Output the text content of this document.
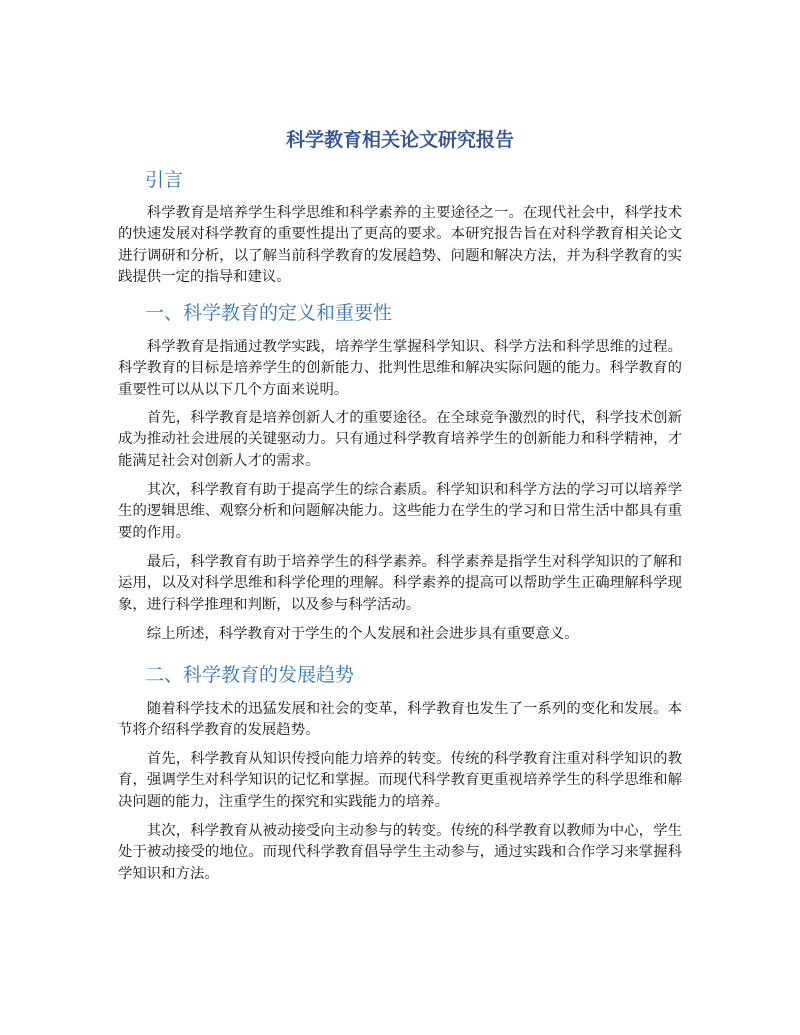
科学教育相关论文研究报告
引言

科学教育是培养学生科学思维和科学素养的主要途径之一。在现代社会中，科学技术的快速发展对科学教育的重要性提出了更高的要求。本研究报告旨在对科学教育相关论文进行调研和分析，以了解当前科学教育的发展趋势、问题和解决方法，并为科学教育的实践提供一定的指导和建议。

一、科学教育的定义和重要性

科学教育是指通过教学实践，培养学生掌握科学知识、科学方法和科学思维的过程。科学教育的目标是培养学生的创新能力、批判性思维和解决实际问题的能力。科学教育的重要性可以从以下几个方面来说明。

首先，科学教育是培养创新人才的重要途径。在全球竞争激烈的时代，科学技术创新成为推动社会进展的关键驱动力。只有通过科学教育培养学生的创新能力和科学精神，才能满足社会对创新人才的需求。

其次，科学教育有助于提高学生的综合素质。科学知识和科学方法的学习可以培养学生的逻辑思维、观察分析和问题解决能力。这些能力在学生的学习和日常生活中都具有重要的作用。

最后，科学教育有助于培养学生的科学素养。科学素养是指学生对科学知识的了解和运用，以及对科学思维和科学伦理的理解。科学素养的提高可以帮助学生正确理解科学现象，进行科学推理和判断，以及参与科学活动。

综上所述，科学教育对于学生的个人发展和社会进步具有重要意义。

二、科学教育的发展趋势

随着科学技术的迅猛发展和社会的变革，科学教育也发生了一系列的变化和发展。本节将介绍科学教育的发展趋势。

首先，科学教育从知识传授向能力培养的转变。传统的科学教育注重对科学知识的教育，强调学生对科学知识的记忆和掌握。而现代科学教育更重视培养学生的科学思维和解决问题的能力，注重学生的探究和实践能力的培养。

其次，科学教育从被动接受向主动参与的转变。传统的科学教育以教师为中心，学生处于被动接受的地位。而现代科学教育倡导学生主动参与，通过实践和合作学习来掌握科学知识和方法。
